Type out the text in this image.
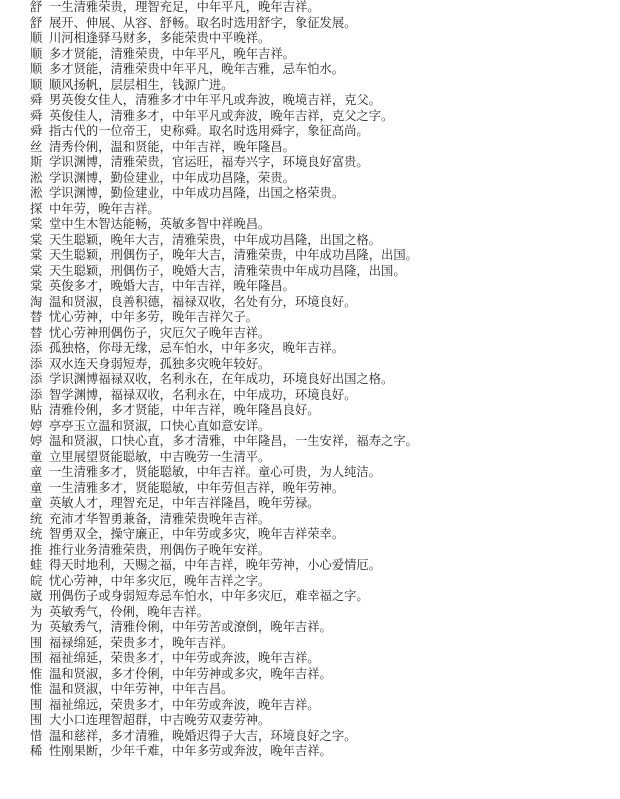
舒 一生清雅荣贵，理智充足，中年平凡，晚年吉祥。
舒 展开、伸展、从容、舒畅。取名时选用舒字，象征发展。
顺 川河相逢驿马财多，多能荣贵中平晚祥。
顺 多才贤能，清雅荣贵，中年平凡，晚年吉祥。
顺 多才贤能，清雅荣贵中年平凡，晚年吉雅，忌车怕水。
顺 顺风扬帆，层层相生，钱源广进。
舜 男英俊女佳人，清雅多才中年平凡或奔波，晚境吉祥，克父。
舜 英俊佳人，清雅多才，中年平凡或奔波，晚年吉祥，克父之字。
舜 指古代的一位帝王，史称舜。取名时选用舜字，象征高尚。
丝 清秀伶俐，温和贤能，中年吉祥，晚年隆昌。
斯 学识渊博，清雅荣贵，官运旺，福寿兴字，环境良好富贵。
淞 学识渊博，勤俭建业，中年成功昌隆，荣贵。
淞 学识渊博，勤俭建业，中年成功昌隆，出国之格荣贵。
探 中年劳，晚年吉祥。
棠 堂中生木智达能畅，英敏多智中祥晚昌。
棠 天生聪颖，晚年大吉，清雅荣贵，中年成功昌隆，出国之格。
棠 天生聪颖，刑偶伤子，晚年大吉，清雅荣贵，中年成功昌隆，出国。
棠 天生聪颖，刑偶伤子，晚婚大吉，清雅荣贵中年成功昌隆，出国。
棠 英俊多才，晚婚大吉，中年吉祥，晚年隆昌。
淘 温和贤淑，良善积德，福禄双收，名处有分，环境良好。
替 忧心劳神，中年多劳，晚年吉祥欠子。
替 忧心劳神刑偶伤子，灾厄欠子晚年吉祥。
添 孤独格，你母无缘，忌车怕水，中年多灾，晚年吉祥。
添 双水连天身弱短寿，孤独多灾晚年较好。
添 学识渊博福禄双收，名利永在，在年成功，环境良好出国之格。
添 智学渊博，福禄双收，名利永在，中年成功，环境良好。
贴 清雅伶俐，多才贤能，中年吉祥，晚年隆昌良好。
婷 亭亭玉立温和贤淑，口快心直如意安详。
婷 温和贤淑，口快心直，多才清雅，中年隆昌，一生安祥，福寿之字。
童 立里展望贤能聪敏，中吉晚劳一生清平。
童 一生清雅多才，贤能聪敏，中年吉祥。童心可贵，为人纯洁。
童 一生清雅多才，贤能聪敏，中年劳但吉祥，晚年劳神。
童 英敏人才，理智充足，中年吉祥隆昌，晚年劳禄。
统 充沛才华智勇兼备，清雅荣贵晚年吉祥。
统 智勇双全，操守廉正，中年劳或多灾，晚年吉祥荣幸。
推 推行业务清雅荣贵，刑偶伤子晚年安祥。
蛙 得天时地利，天赐之福，中年吉祥，晚年劳神，小心爱情厄。
皖 忧心劳神，中年多灾厄，晚年吉祥之字。
崴 刑偶伤子或身弱短寿忌车怕水，中年多灾厄，难幸福之字。
为 英敏秀气，伶俐，晚年吉祥。
为 英敏秀气，清雅伶俐，中年劳苦或潦倒，晚年吉祥。
围 福禄绵延，荣贵多才，晚年吉祥。
围 福祉绵延，荣贵多才，中年劳或奔波，晚年吉祥。
惟 温和贤淑，多才伶俐，中年劳神或多灾，晚年吉祥。
惟 温和贤淑，中年劳神，中年吉昌。
围 福祉绵远，荣贵多才，中年劳或奔波，晚年吉祥。
围 大小口连理智超群，中吉晚劳双妻劳神。
惜 温和慈祥，多才清雅，晚婚迟得子大吉，环境良好之字。
稀 性刚果断，少年千难，中年多劳或奔波，晚年吉祥。
